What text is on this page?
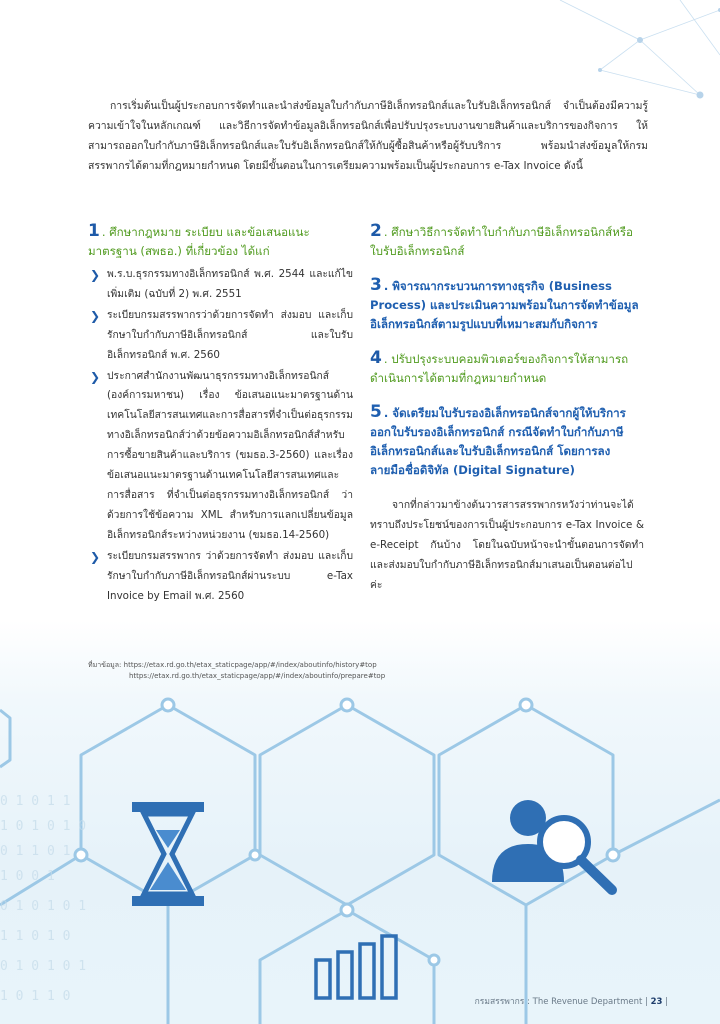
0 1 0 1 1
1 0 1 0 1 0
0 1 1 0 1
1 0 0 1
0 1 0 1 0 1
1 1 0 1 0
0 1 0 1 0 1
1 0 1 1 0

การเริ่มต้นเป็นผู้ประกอบการจัดทำและนำส่งข้อมูลใบกำกับภาษีอิเล็กทรอนิกส์และใบรับอิเล็กทรอนิกส์ จำเป็นต้องมีความรู้ ความเข้าใจในหลักเกณฑ์ และวิธีการจัดทำข้อมูลอิเล็กทรอนิกส์เพื่อปรับปรุงระบบงานขายสินค้าและบริการของกิจการ ให้สามารถออกใบกำกับภาษีอิเล็กทรอนิกส์และใบรับอิเล็กทรอนิกส์ให้กับผู้ซื้อสินค้าหรือผู้รับบริการ พร้อมนำส่งข้อมูลให้กรมสรรพากรได้ตามที่กฎหมายกำหนด โดยมีขั้นตอนในการเตรียมความพร้อมเป็นผู้ประกอบการ e-Tax Invoice ดังนี้

1 . ศึกษากฎหมาย ระเบียบ และข้อเสนอแนะมาตรฐาน (สพธอ.) ที่เกี่ยวข้อง ได้แก่

❯ พ.ร.บ.ธุรกรรมทางอิเล็กทรอนิกส์ พ.ศ. 2544 และแก้ไขเพิ่มเติม (ฉบับที่ 2) พ.ศ. 2551
❯ ระเบียบกรมสรรพากรว่าด้วยการจัดทำ ส่งมอบ และเก็บรักษาใบกำกับภาษีอิเล็กทรอนิกส์ และใบรับอิเล็กทรอนิกส์ พ.ศ. 2560
❯ ประกาศสำนักงานพัฒนาธุรกรรมทางอิเล็กทรอนิกส์ (องค์การมหาชน) เรื่อง ข้อเสนอแนะมาตรฐานด้านเทคโนโลยีสารสนเทศและการสื่อสารที่จำเป็นต่อธุรกรรมทางอิเล็กทรอนิกส์ว่าด้วยข้อความอิเล็กทรอนิกส์สำหรับการซื้อขายสินค้าและบริการ (ขมธอ.3-2560) และเรื่องข้อเสนอแนะมาตรฐานด้านเทคโนโลยีสารสนเทศและการสื่อสาร ที่จำเป็นต่อธุรกรรมทางอิเล็กทรอนิกส์ ว่าด้วยการใช้ข้อความ XML สำหรับการแลกเปลี่ยนข้อมูลอิเล็กทรอนิกส์ระหว่างหน่วยงาน (ขมธอ.14-2560)
❯ ระเบียบกรมสรรพากร ว่าด้วยการจัดทำ ส่งมอบ และเก็บรักษาใบกำกับภาษีอิเล็กทรอนิกส์ผ่านระบบ e-Tax Invoice by Email พ.ศ. 2560

2 . ศึกษาวิธีการจัดทำใบกำกับภาษีอิเล็กทรอนิกส์หรือใบรับอิเล็กทรอนิกส์

3 . พิจารณากระบวนการทางธุรกิจ (Business Process) และประเมินความพร้อมในการจัดทำข้อมูลอิเล็กทรอนิกส์ตามรูปแบบที่เหมาะสมกับกิจการ

4 . ปรับปรุงระบบคอมพิวเตอร์ของกิจการให้สามารถดำเนินการได้ตามที่กฎหมายกำหนด

5 . จัดเตรียมใบรับรองอิเล็กทรอนิกส์จากผู้ให้บริการออกใบรับรองอิเล็กทรอนิกส์ กรณีจัดทำใบกำกับภาษีอิเล็กทรอนิกส์และใบรับอิเล็กทรอนิกส์ โดยการลงลายมือชื่อดิจิทัล (Digital Signature)

จากที่กล่าวมาข้างต้นวารสารสรรพากรหวังว่าท่านจะได้ทราบถึงประโยชน์ของการเป็นผู้ประกอบการ e-Tax Invoice & e-Receipt กันบ้าง โดยในฉบับหน้าจะนำขั้นตอนการจัดทำและส่งมอบใบกำกับภาษีอิเล็กทรอนิกส์มาเสนอเป็นตอนต่อไปค่ะ

ที่มาข้อมูล: https://etax.rd.go.th/etax_staticpage/app/#/index/aboutinfo/history#top
https://etax.rd.go.th/etax_staticpage/app/#/index/aboutinfo/prepare#top
กรมสรรพากร : The Revenue Department | 23 |
